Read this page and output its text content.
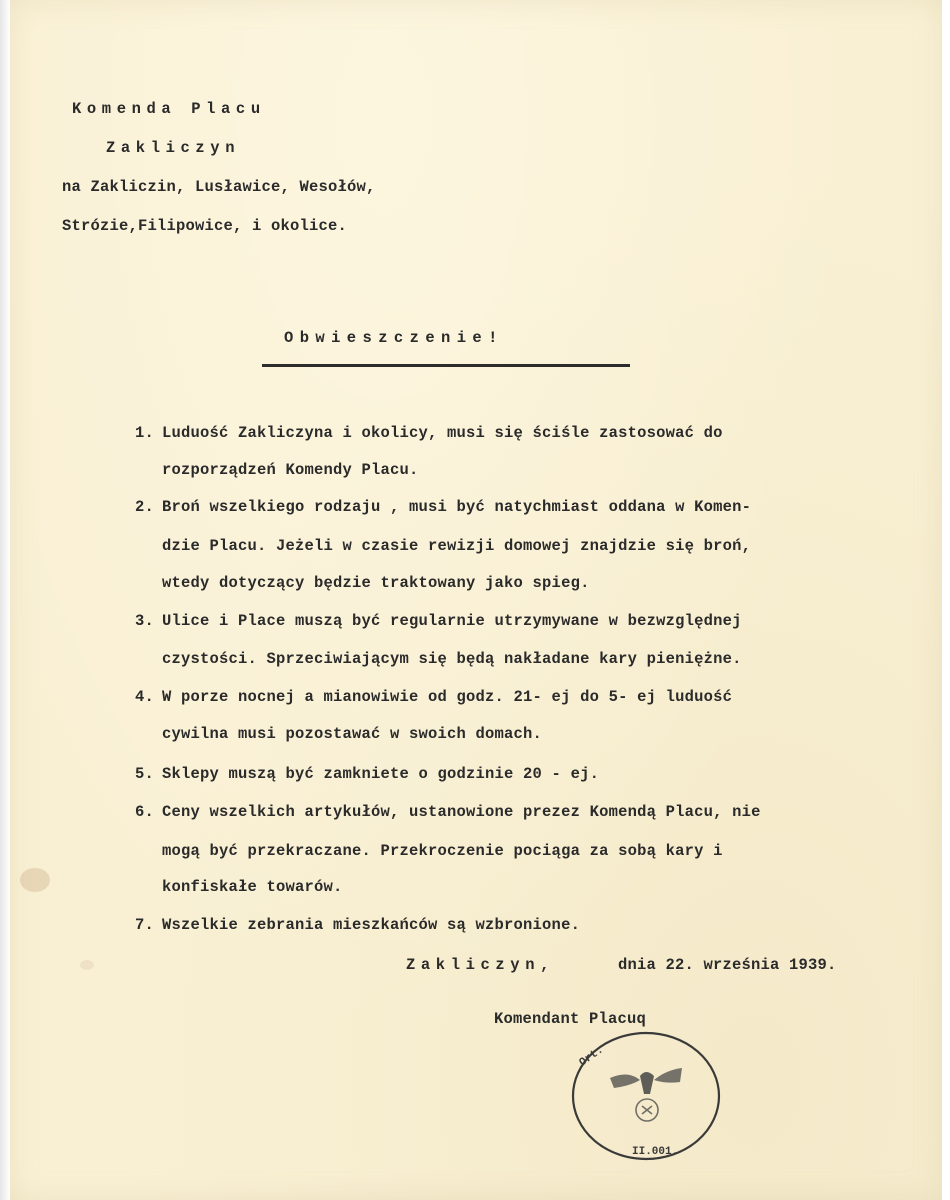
Komenda Placu
Zakliczyn
na Zakliczin, Lusławice, Wesołów,
Strózie,Filipowice, i okolice.
Obwieszczenie!
1. Luduość Zakliczyna i okolicy, musi się ściśle zastosować do
rozporządzeń Komendy Placu.
2. Broń wszelkiego rodzaju , musi być natychmiast oddana w Komen-
dzie Placu. Jeżeli w czasie rewizji domowej znajdzie się broń,
wtedy dotyczący będzie traktowany jako spieg.
3. Ulice i Place muszą być regularnie utrzymywane w bezwzględnej
czystości. Sprzeciwiającym się będą nakładane kary pieniężne.
4. W porze nocnej a mianowiwie od godz. 21- ej do 5- ej luduość
cywilna musi pozostawać w swoich domach.
5. Sklepy muszą być zamkniete o godzinie 20 - ej.
6. Ceny wszelkich artykułów, ustanowione prezez Komendą Placu, nie
mogą być przekraczane. Przekroczenie pociąga za sobą kary i
konfiskałe towarów.
7. Wszelkie zebrania mieszkańców są wzbronione.
Zakliczyn,	dnia 22. września 1939.
Komendant Placuq
Ort.
II.001.
